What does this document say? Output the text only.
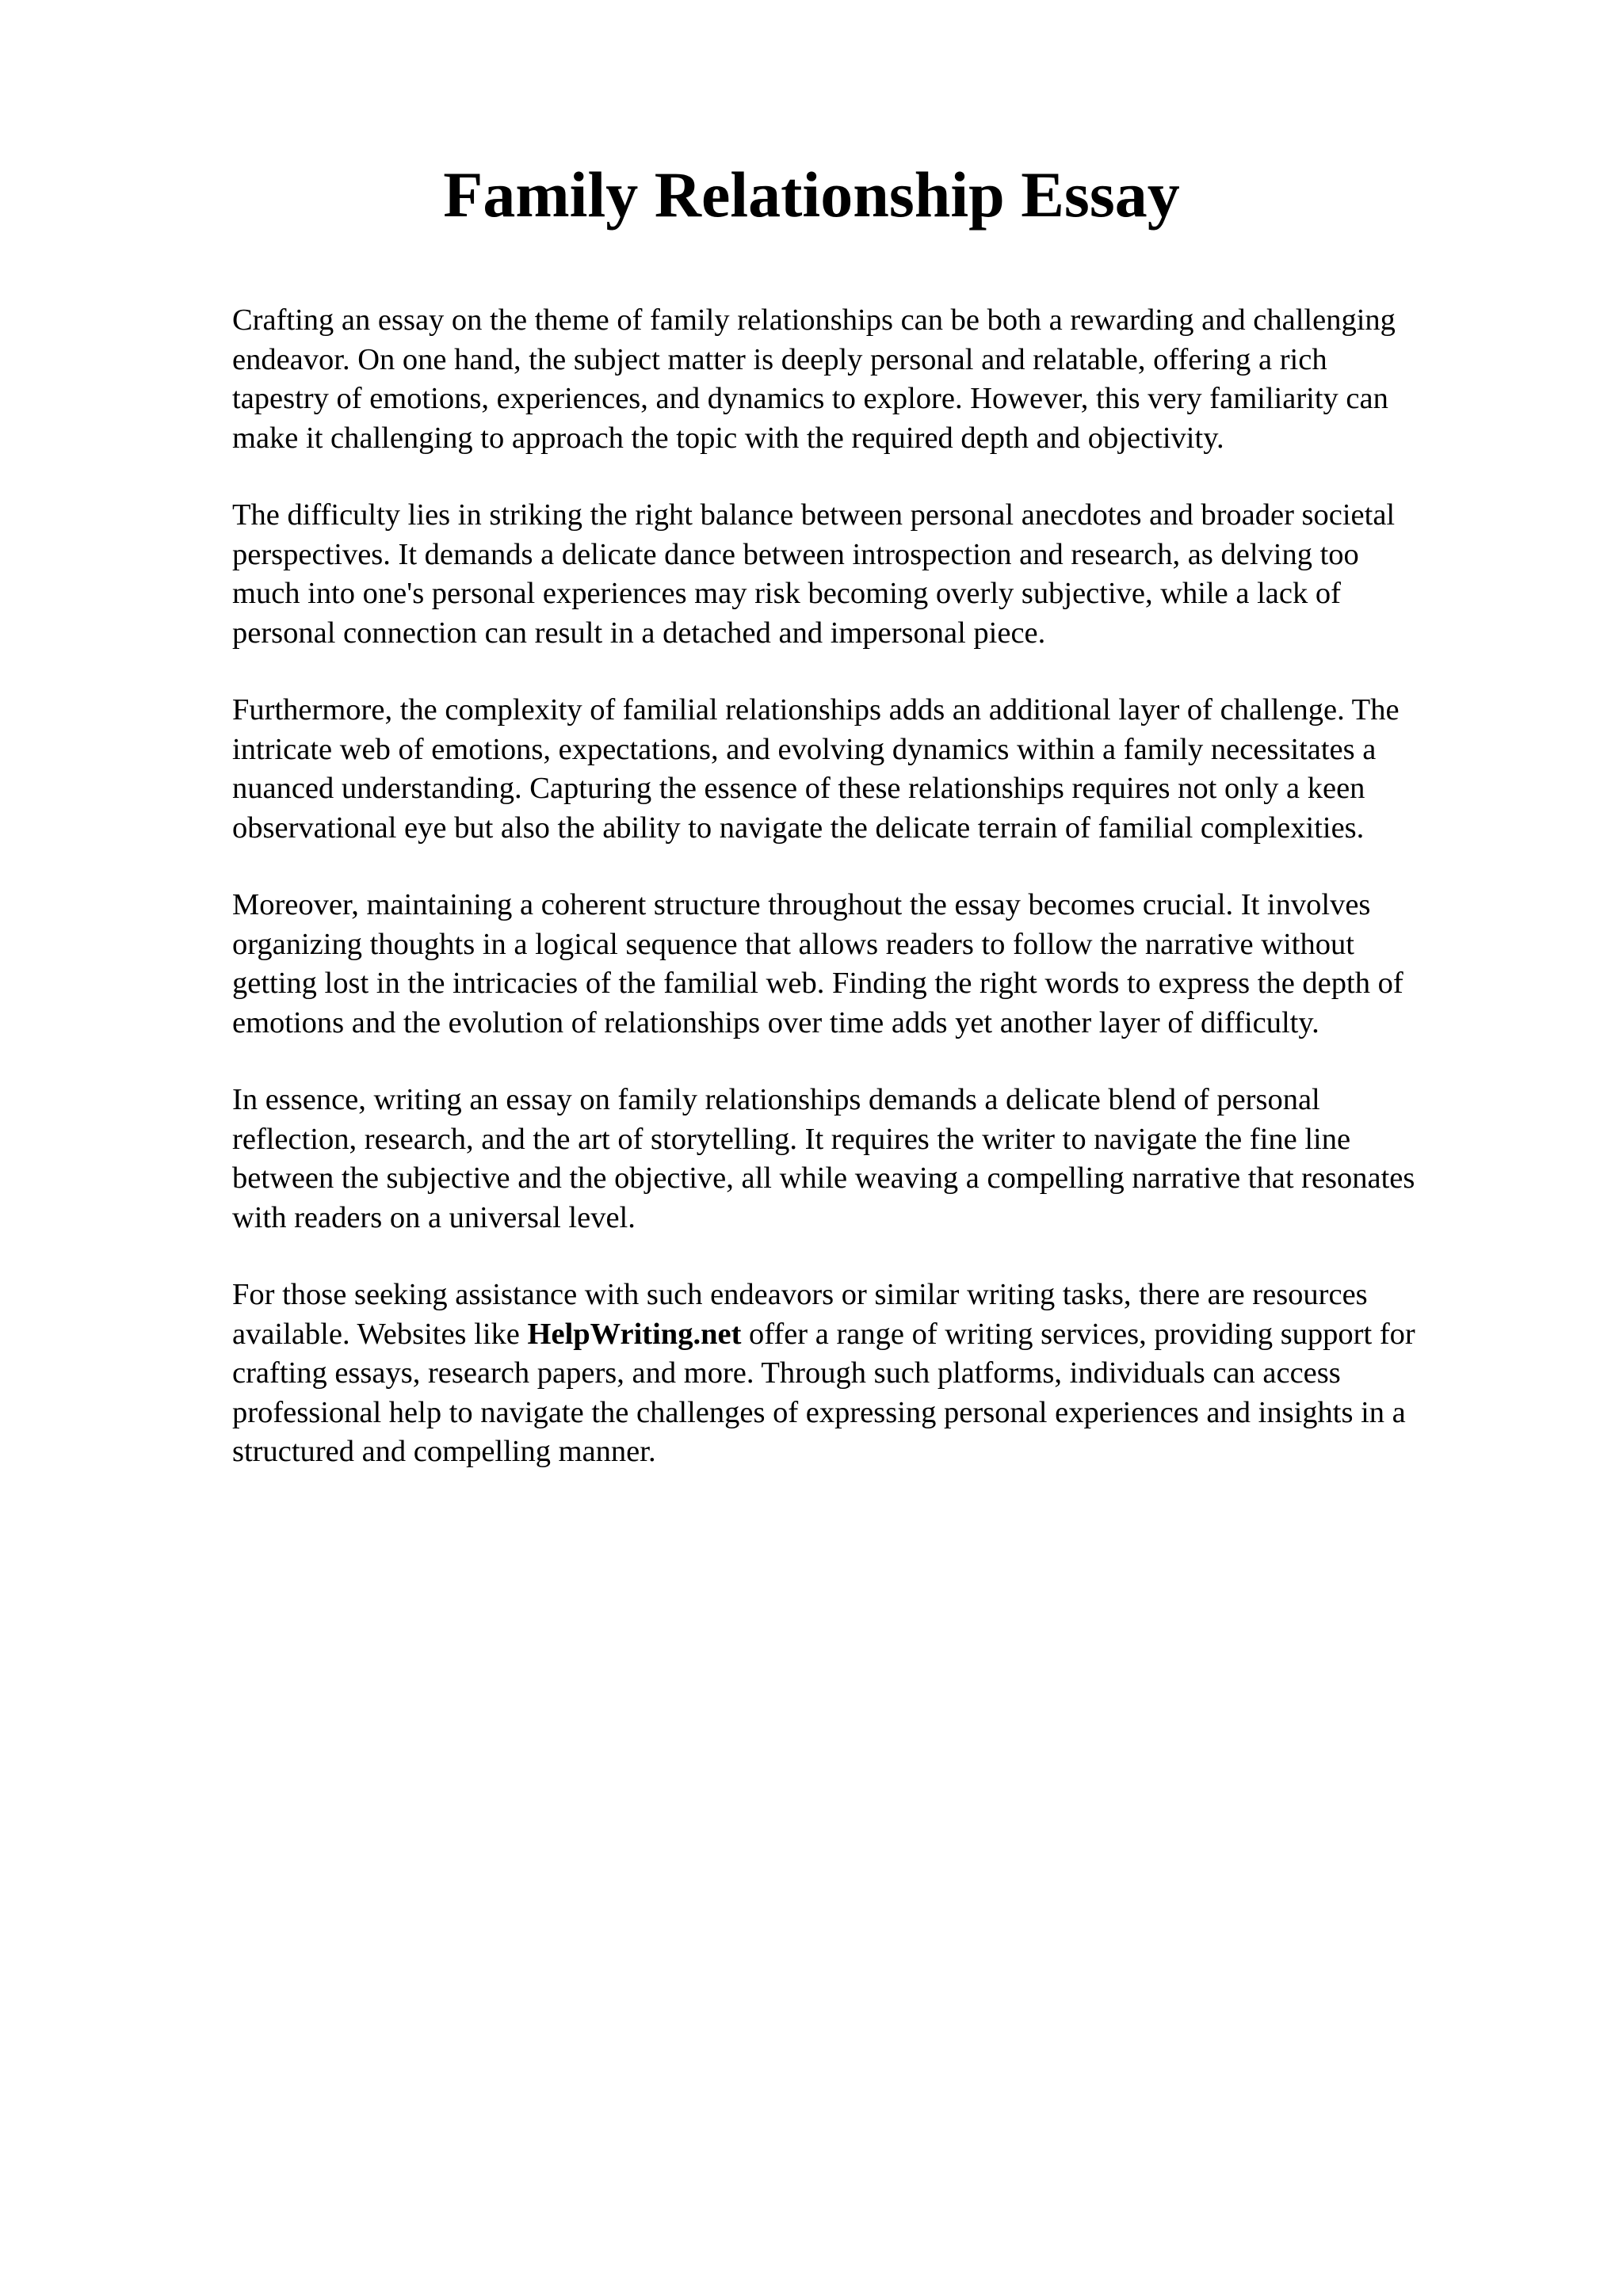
Family Relationship Essay

Crafting an essay on the theme of family relationships can be both a rewarding and challenging
endeavor. On one hand, the subject matter is deeply personal and relatable, offering a rich
tapestry of emotions, experiences, and dynamics to explore. However, this very familiarity can
make it challenging to approach the topic with the required depth and objectivity.

The difficulty lies in striking the right balance between personal anecdotes and broader societal
perspectives. It demands a delicate dance between introspection and research, as delving too
much into one's personal experiences may risk becoming overly subjective, while a lack of
personal connection can result in a detached and impersonal piece.

Furthermore, the complexity of familial relationships adds an additional layer of challenge. The
intricate web of emotions, expectations, and evolving dynamics within a family necessitates a
nuanced understanding. Capturing the essence of these relationships requires not only a keen
observational eye but also the ability to navigate the delicate terrain of familial complexities.

Moreover, maintaining a coherent structure throughout the essay becomes crucial. It involves
organizing thoughts in a logical sequence that allows readers to follow the narrative without
getting lost in the intricacies of the familial web. Finding the right words to express the depth of
emotions and the evolution of relationships over time adds yet another layer of difficulty.

In essence, writing an essay on family relationships demands a delicate blend of personal
reflection, research, and the art of storytelling. It requires the writer to navigate the fine line
between the subjective and the objective, all while weaving a compelling narrative that resonates
with readers on a universal level.

For those seeking assistance with such endeavors or similar writing tasks, there are resources
available. Websites like HelpWriting.net offer a range of writing services, providing support for
crafting essays, research papers, and more. Through such platforms, individuals can access
professional help to navigate the challenges of expressing personal experiences and insights in a
structured and compelling manner.
